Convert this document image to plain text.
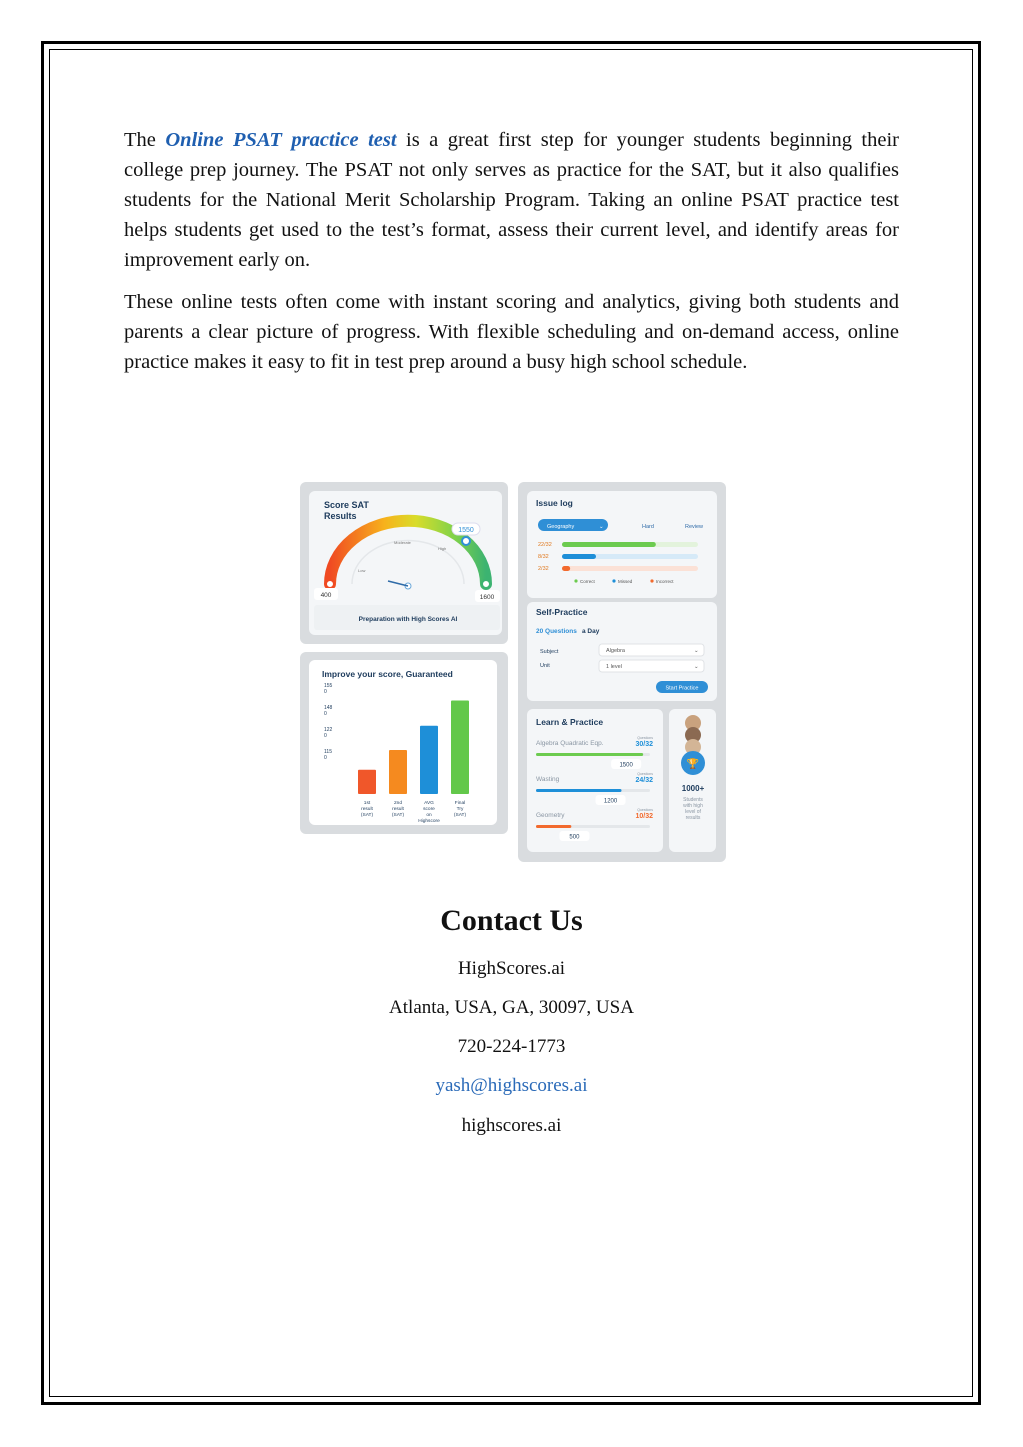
The Online PSAT practice test is a great first step for younger students beginning their college prep journey. The PSAT not only serves as practice for the SAT, but it also qualifies students for the National Merit Scholarship Program. Taking an online PSAT practice test helps students get used to the test’s format, assess their current level, and identify areas for improvement early on.

These online tests often come with instant scoring and analytics, giving both students and parents a clear picture of progress. With flexible scheduling and on-demand access, online practice makes it easy to fit in test prep around a busy high school schedule.

Score SAT
Results
Low
Moderate
High
1550
400	1600
Preparation with High Scores AI
Improve your score, Guaranteed
155
0
148
0
122
0
115
0
1st
result
(SAT)
2nd
result
(SAT)
AVG
score
on
Highscore
Final
Try
(SAT)
Issue log
Geography	⌄	Hard	Review
22/32
8/32
2/32
Correct	Missed	Incorrect
Self-Practice
20 Questions a Day
Subject	Algebra	⌄
Unit	1 level	⌄
Start Practice
Learn & Practice
Algebra Quadratic Eqp.
Questions
30/32
1500
Wasting
Questions
24/32
1200
Geometry
Questions
10/32
500
🏆
1000+
Students with high level of results
Contact Us

HighScores.ai

Atlanta, USA, GA, 30097, USA

720-224-1773

yash@highscores.ai

highscores.ai
